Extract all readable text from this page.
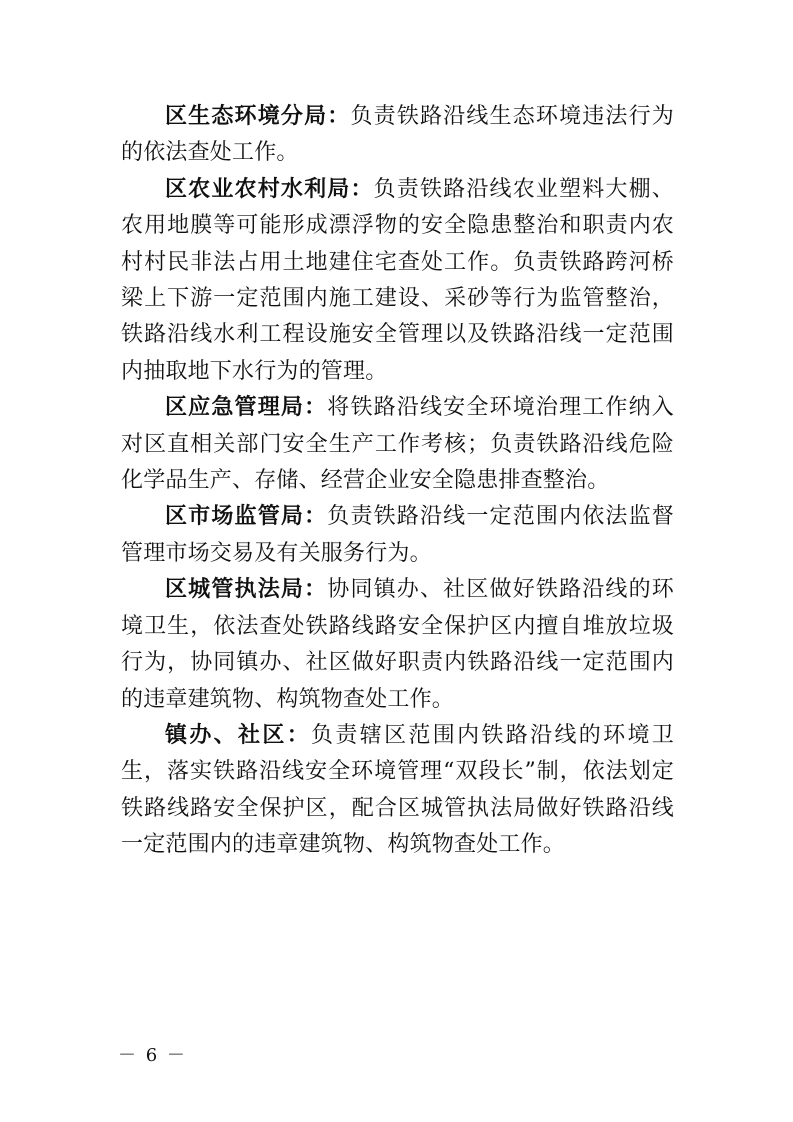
区生态环境分局：负责铁路沿线生态环境违法行为的依法查处工作。

区农业农村水利局：负责铁路沿线农业塑料大棚、农用地膜等可能形成漂浮物的安全隐患整治和职责内农村村民非法占用土地建住宅查处工作。负责铁路跨河桥梁上下游一定范围内施工建设、采砂等行为监管整治，铁路沿线水利工程设施安全管理以及铁路沿线一定范围内抽取地下水行为的管理。

区应急管理局：将铁路沿线安全环境治理工作纳入对区直相关部门安全生产工作考核；负责铁路沿线危险化学品生产、存储、经营企业安全隐患排查整治。

区市场监管局：负责铁路沿线一定范围内依法监督管理市场交易及有关服务行为。

区城管执法局：协同镇办、社区做好铁路沿线的环境卫生，依法查处铁路线路安全保护区内擅自堆放垃圾行为，协同镇办、社区做好职责内铁路沿线一定范围内的违章建筑物、构筑物查处工作。

镇办、社区：负责辖区范围内铁路沿线的环境卫生，落实铁路沿线安全环境管理“双段长”制，依法划定铁路线路安全保护区，配合区城管执法局做好铁路沿线一定范围内的违章建筑物、构筑物查处工作。

－ 6 －
